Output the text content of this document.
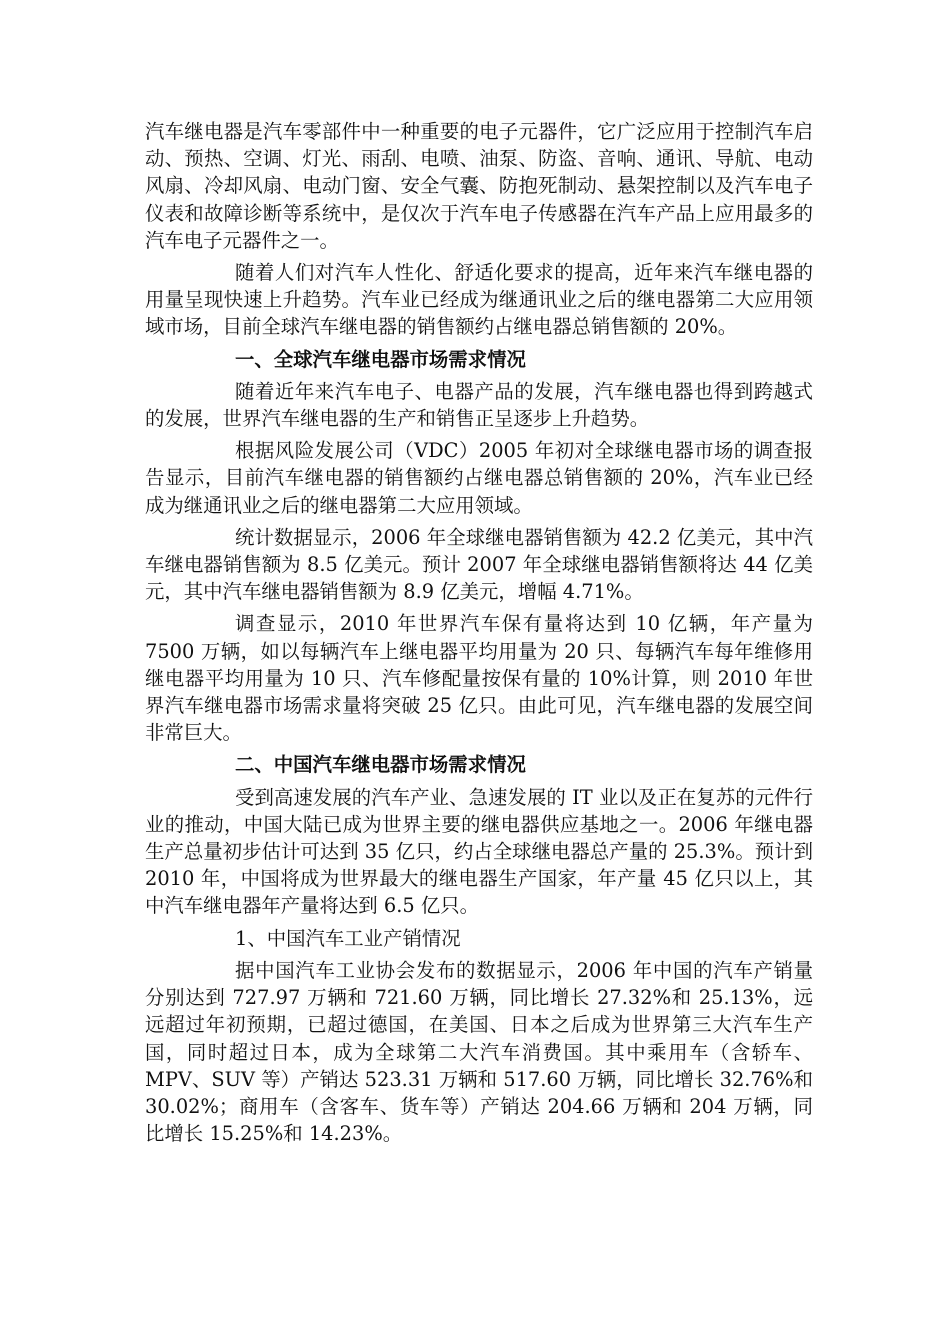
汽车继电器是汽车零部件中一种重要的电子元器件，它广泛应用于控制汽车启动、预热、空调、灯光、雨刮、电喷、油泵、防盗、音响、通讯、导航、电动风扇、冷却风扇、电动门窗、安全气囊、防抱死制动、悬架控制以及汽车电子仪表和故障诊断等系统中，是仅次于汽车电子传感器在汽车产品上应用最多的汽车电子元器件之一。

随着人们对汽车人性化、舒适化要求的提高，近年来汽车继电器的用量呈现快速上升趋势。汽车业已经成为继通讯业之后的继电器第二大应用领域市场，目前全球汽车继电器的销售额约占继电器总销售额的 20%。

一、全球汽车继电器市场需求情况

随着近年来汽车电子、电器产品的发展，汽车继电器也得到跨越式的发展，世界汽车继电器的生产和销售正呈逐步上升趋势。

根据风险发展公司（VDC）2005 年初对全球继电器市场的调查报告显示，目前汽车继电器的销售额约占继电器总销售额的 20%，汽车业已经成为继通讯业之后的继电器第二大应用领域。

统计数据显示，2006 年全球继电器销售额为 42.2 亿美元，其中汽车继电器销售额为 8.5 亿美元。预计 2007 年全球继电器销售额将达 44 亿美元，其中汽车继电器销售额为 8.9 亿美元，增幅 4.71%。

调查显示，2010 年世界汽车保有量将达到 10 亿辆，年产量为 7500 万辆，如以每辆汽车上继电器平均用量为 20 只、每辆汽车每年维修用继电器平均用量为 10 只、汽车修配量按保有量的 10%计算，则 2010 年世界汽车继电器市场需求量将突破 25 亿只。由此可见，汽车继电器的发展空间非常巨大。

二、中国汽车继电器市场需求情况

受到高速发展的汽车产业、急速发展的 IT 业以及正在复苏的元件行业的推动，中国大陆已成为世界主要的继电器供应基地之一。2006 年继电器生产总量初步估计可达到 35 亿只，约占全球继电器总产量的 25.3%。预计到 2010 年，中国将成为世界最大的继电器生产国家，年产量 45 亿只以上，其中汽车继电器年产量将达到 6.5 亿只。

1、中国汽车工业产销情况

据中国汽车工业协会发布的数据显示，2006 年中国的汽车产销量分别达到 727.97 万辆和 721.60 万辆，同比增长 27.32%和 25.13%，远远超过年初预期，已超过德国，在美国、日本之后成为世界第三大汽车生产国，同时超过日本，成为全球第二大汽车消费国。其中乘用车（含轿车、MPV、SUV 等）产销达 523.31 万辆和 517.60 万辆，同比增长 32.76%和 30.02%；商用车（含客车、货车等）产销达 204.66 万辆和 204 万辆，同比增长 15.25%和 14.23%。
